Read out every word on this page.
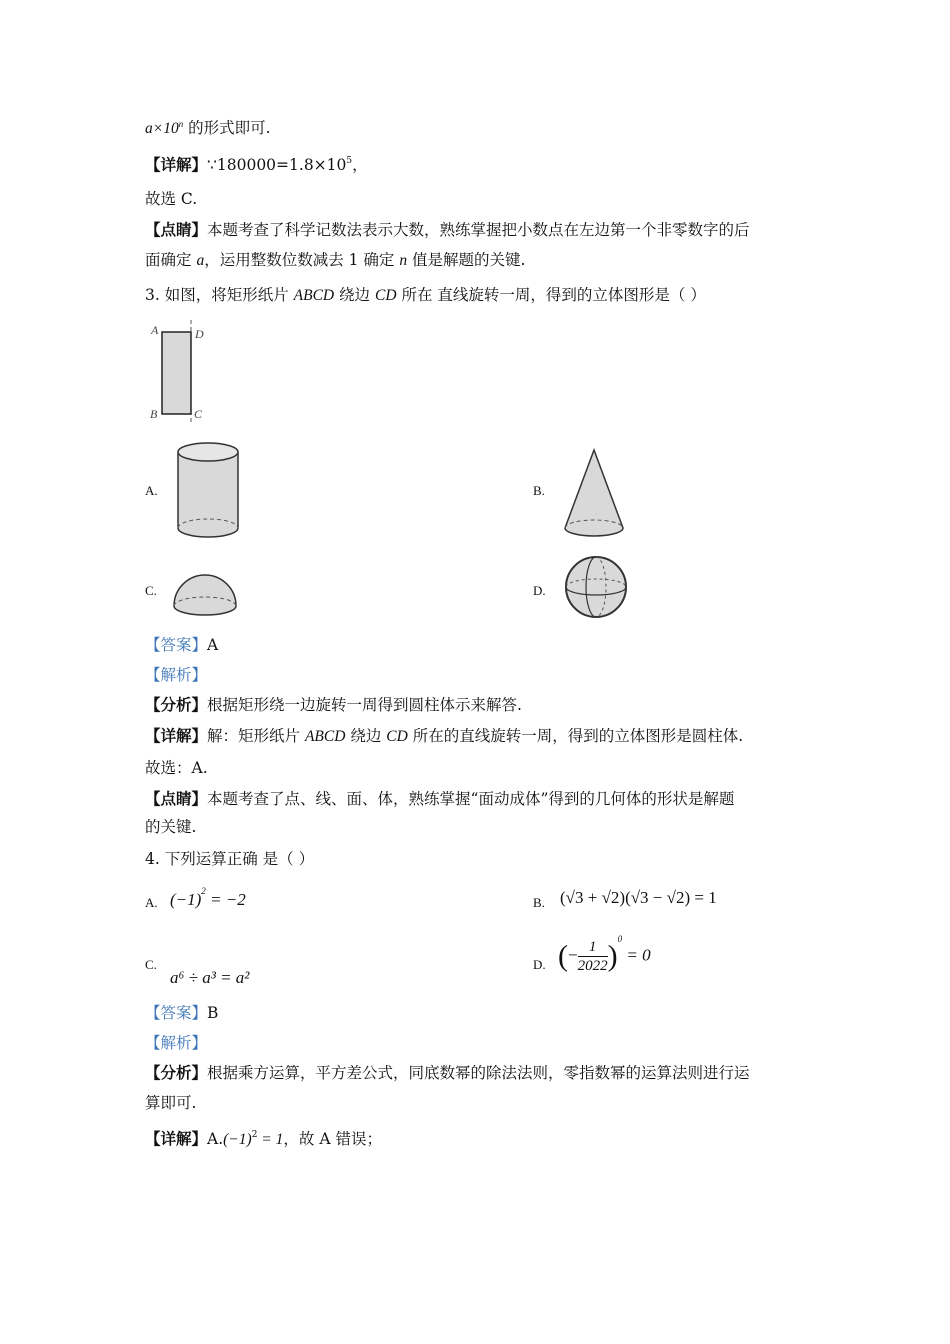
$a\times 10^n$ 的形式即可.
【详解】$\because 180000=1.8\times 10^5$，
故选 C.
【点睛】本题考查了科学记数法表示大数，熟练掌握把小数点在左边第一个非零数字的后
面确定 a，运用整数位数减去 1 确定 n 值是解题的关键.
3. 如图，将矩形纸片 ABCD 绕边 CD 所在 直线旋转一周，得到的立体图形是（ ）
A	D
B	C
A.	B.
C.	D.
【答案】A
【解析】
【分析】根据矩形绕一边旋转一周得到圆柱体示来解答.
【详解】解：矩形纸片 ABCD 绕边 CD 所在的直线旋转一周，得到的立体图形是圆柱体.
故选：A.
【点睛】本题考查了点、线、面、体，熟练掌握“面动成体”得到的几何体的形状是解题
的关键.
4. 下列运算正确 是（ ）
A. $(-1)^2 = -2$	B. (√3 + √2)(√3 − √2) = 1
C.
a⁶ ÷ a³ = a²
D. (− $\frac{1}{2022} )^0 = 0$
【答案】B
【解析】
【分析】根据乘方运算，平方差公式，同底数幂的除法法则，零指数幂的运算法则进行运
算即可.
【详解】$A.(-1)^2 = 1$，故 A 错误；
